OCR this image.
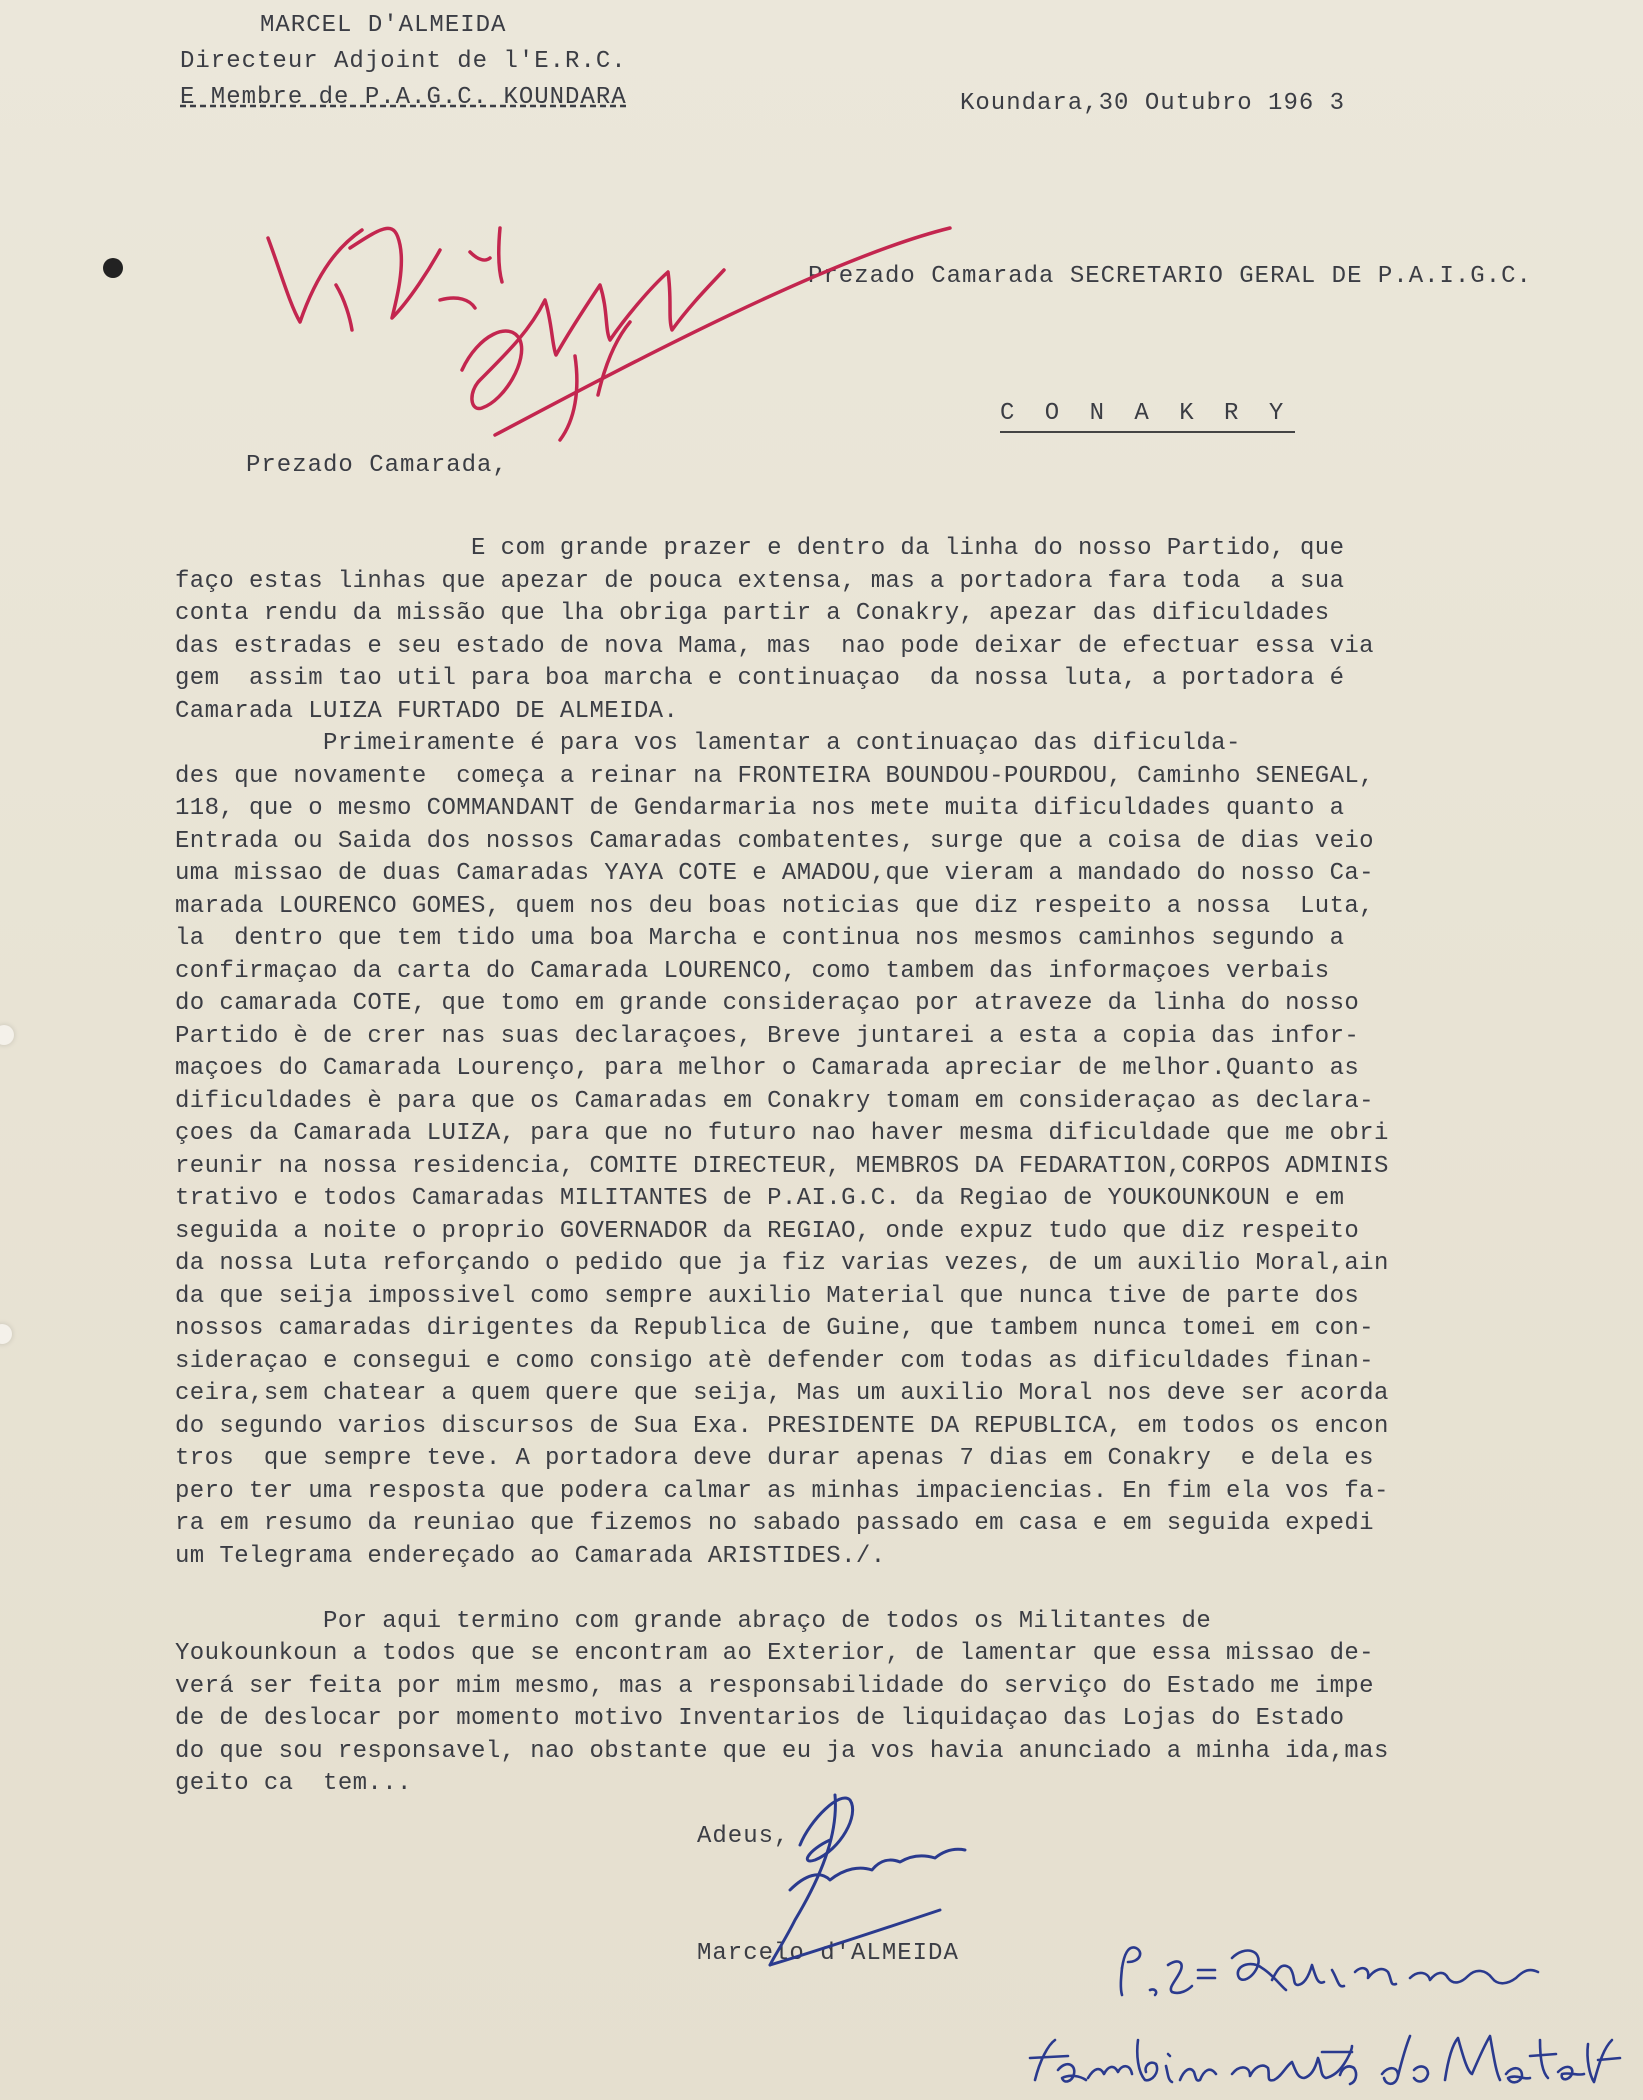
MARCEL D'ALMEIDA
Directeur Adjoint de l'E.R.C.
E Membre de P.A.G.C. KOUNDARA	Koundara,30 Outubro 196 3
Prezado Camarada SECRETARIO GERAL DE P.A.I.G.C.
C O N A K R Y
Prezado Camarada,
E com grande prazer e dentro da linha do nosso Partido, que
faço estas linhas que apezar de pouca extensa, mas a portadora fara toda  a sua
conta rendu da missão que lha obriga partir a Conakry, apezar das dificuldades
das estradas e seu estado de nova Mama, mas  nao pode deixar de efectuar essa via
gem  assim tao util para boa marcha e continuaçao  da nossa luta, a portadora é
Camarada LUIZA FURTADO DE ALMEIDA.
Primeiramente é para vos lamentar a continuaçao das dificulda-
des que novamente  começa a reinar na FRONTEIRA BOUNDOU-POURDOU, Caminho SENEGAL,
118, que o mesmo COMMANDANT de Gendarmaria nos mete muita dificuldades quanto a
Entrada ou Saida dos nossos Camaradas combatentes, surge que a coisa de dias veio
uma missao de duas Camaradas YAYA COTE e AMADOU,que vieram a mandado do nosso Ca-
marada LOURENCO GOMES, quem nos deu boas noticias que diz respeito a nossa  Luta,
la  dentro que tem tido uma boa Marcha e continua nos mesmos caminhos segundo a
confirmaçao da carta do Camarada LOURENCO, como tambem das informaçoes verbais
do camarada COTE, que tomo em grande consideraçao por atraveze da linha do nosso
Partido è de crer nas suas declaraçoes, Breve juntarei a esta a copia das infor-
maçoes do Camarada Lourenço, para melhor o Camarada apreciar de melhor.Quanto as
dificuldades è para que os Camaradas em Conakry tomam em consideraçao as declara-
çoes da Camarada LUIZA, para que no futuro nao haver mesma dificuldade que me obri
reunir na nossa residencia, COMITE DIRECTEUR, MEMBROS DA FEDARATION,CORPOS ADMINIS
trativo e todos Camaradas MILITANTES de P.AI.G.C. da Regiao de YOUKOUNKOUN e em
seguida a noite o proprio GOVERNADOR da REGIAO, onde expuz tudo que diz respeito
da nossa Luta reforçando o pedido que ja fiz varias vezes, de um auxilio Moral,ain
da que seija impossivel como sempre auxilio Material que nunca tive de parte dos
nossos camaradas dirigentes da Republica de Guine, que tambem nunca tomei em con-
sideraçao e consegui e como consigo atè defender com todas as dificuldades finan-
ceira,sem chatear a quem quere que seija, Mas um auxilio Moral nos deve ser acorda
do segundo varios discursos de Sua Exa. PRESIDENTE DA REPUBLICA, em todos os encon
tros  que sempre teve. A portadora deve durar apenas 7 dias em Conakry  e dela es
pero ter uma resposta que podera calmar as minhas impaciencias. En fim ela vos fa-
ra em resumo da reuniao que fizemos no sabado passado em casa e em seguida expedi
um Telegrama endereçado ao Camarada ARISTIDES./.

Por aqui termino com grande abraço de todos os Militantes de
Youkounkoun a todos que se encontram ao Exterior, de lamentar que essa missao de-
verá ser feita por mim mesmo, mas a responsabilidade do serviço do Estado me impe
de de deslocar por momento motivo Inventarios de liquidaçao das Lojas do Estado
do que sou responsavel, nao obstante que eu ja vos havia anunciado a minha ida,mas
geito ca  tem...
Adeus,
Marcelo d'ALMEIDA
